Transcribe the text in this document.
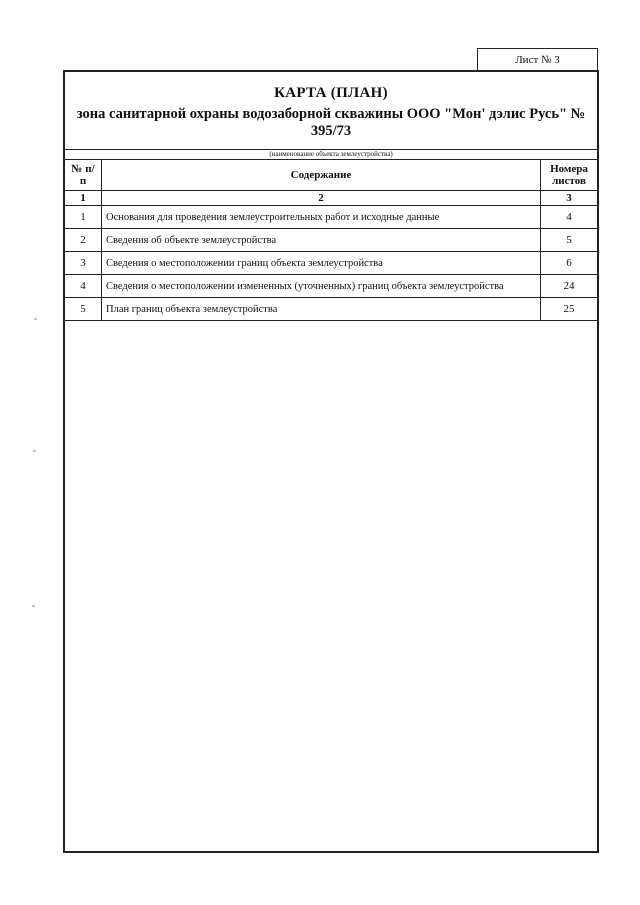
Лист № 3
КАРТА (ПЛАН)
зона санитарной охраны водозаборной скважины ООО "Мон' дэлис Русь" № 395/73
(наименование объекта землеустройства)
№ п/п	Содержание	Номера листов
1	2	3
1	Основания для проведения землеустроительных работ и исходные данные	4
2	Сведения об объекте землеустройства	5
3	Сведения о местоположении границ объекта землеустройства	6
4	Сведения о местоположении измененных (уточненных) границ объекта землеустройства	24
5	План границ объекта землеустройства	25
